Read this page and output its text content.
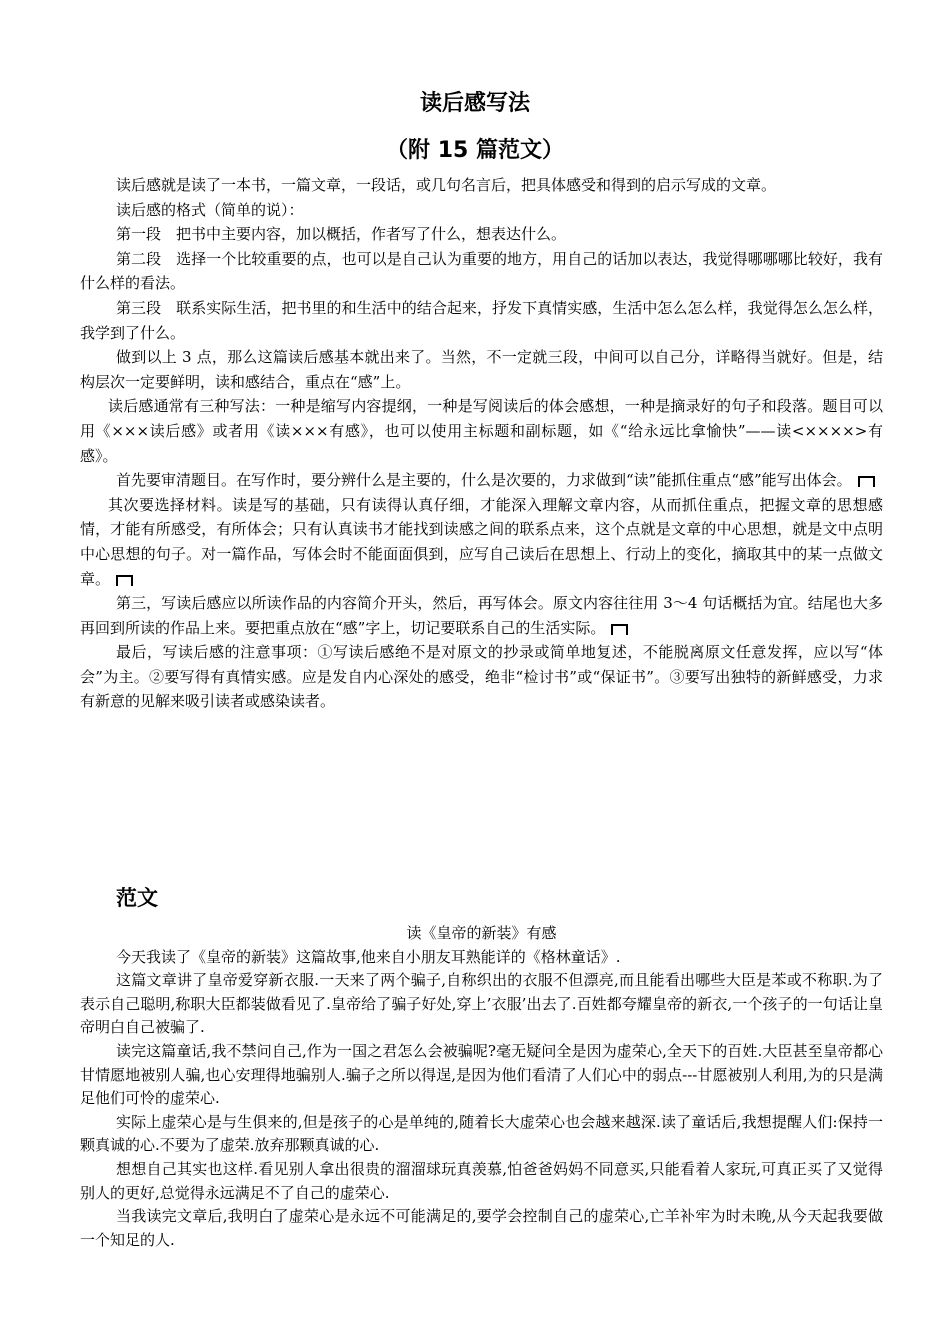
读后感写法
（附 15 篇范文）

读后感就是读了一本书，一篇文章，一段话，或几句名言后，把具体感受和得到的启示写成的文章。

读后感的格式（简单的说）：

第一段　把书中主要内容，加以概括，作者写了什么，想表达什么。

第二段　选择一个比较重要的点，也可以是自己认为重要的地方，用自己的话加以表达，我觉得哪哪哪比较好，我有什么样的看法。

第三段　联系实际生活，把书里的和生活中的结合起来，抒发下真情实感，生活中怎么怎么样，我觉得怎么怎么样，我学到了什么。

做到以上 3 点，那么这篇读后感基本就出来了。当然，不一定就三段，中间可以自己分，详略得当就好。但是，结构层次一定要鲜明，读和感结合，重点在“感”上。

读后感通常有三种写法：一种是缩写内容提纲，一种是写阅读后的体会感想，一种是摘录好的句子和段落。题目可以用《×××读后感》或者用《读×××有感》，也可以使用主标题和副标题，如《“给永远比拿愉快”——读<××××>有感》。

首先要审清题目。在写作时，要分辨什么是主要的，什么是次要的，力求做到“读”能抓住重点“感”能写出体会。

其次要选择材料。读是写的基础，只有读得认真仔细，才能深入理解文章内容，从而抓住重点，把握文章的思想感情，才能有所感受，有所体会；只有认真读书才能找到读感之间的联系点来，这个点就是文章的中心思想，就是文中点明中心思想的句子。对一篇作品，写体会时不能面面俱到，应写自己读后在思想上、行动上的变化，摘取其中的某一点做文章。

第三，写读后感应以所读作品的内容简介开头，然后，再写体会。原文内容往往用 3～4 句话概括为宜。结尾也大多再回到所读的作品上来。要把重点放在“感”字上，切记要联系自己的生活实际。

最后，写读后感的注意事项：①写读后感绝不是对原文的抄录或简单地复述，不能脱离原文任意发挥，应以写“体会”为主。②要写得有真情实感。应是发自内心深处的感受，绝非“检讨书”或“保证书”。③要写出独特的新鲜感受，力求有新意的见解来吸引读者或感染读者。

范文

读《皇帝的新装》有感

今天我读了《皇帝的新装》这篇故事,他来自小朋友耳熟能详的《格林童话》.

这篇文章讲了皇帝爱穿新衣服.一天来了两个骗子,自称织出的衣服不但漂亮,而且能看出哪些大臣是苯或不称职.为了表示自己聪明,称职大臣都装做看见了.皇帝给了骗子好处,穿上’衣服’出去了.百姓都夸耀皇帝的新衣,一个孩子的一句话让皇帝明白自己被骗了.

读完这篇童话,我不禁问自己,作为一国之君怎么会被骗呢?毫无疑问全是因为虚荣心,全天下的百姓.大臣甚至皇帝都心甘情愿地被别人骗,也心安理得地骗别人.骗子之所以得逞,是因为他们看清了人们心中的弱点---甘愿被别人利用,为的只是满足他们可怜的虚荣心.

实际上虚荣心是与生俱来的,但是孩子的心是单纯的,随着长大虚荣心也会越来越深.读了童话后,我想提醒人们:保持一颗真诚的心.不要为了虚荣.放弃那颗真诚的心.

想想自己其实也这样.看见别人拿出很贵的溜溜球玩真羡慕,怕爸爸妈妈不同意买,只能看着人家玩,可真正买了又觉得别人的更好,总觉得永远满足不了自己的虚荣心.

当我读完文章后,我明白了虚荣心是永远不可能满足的,要学会控制自己的虚荣心,亡羊补牢为时未晚,从今天起我要做一个知足的人.
